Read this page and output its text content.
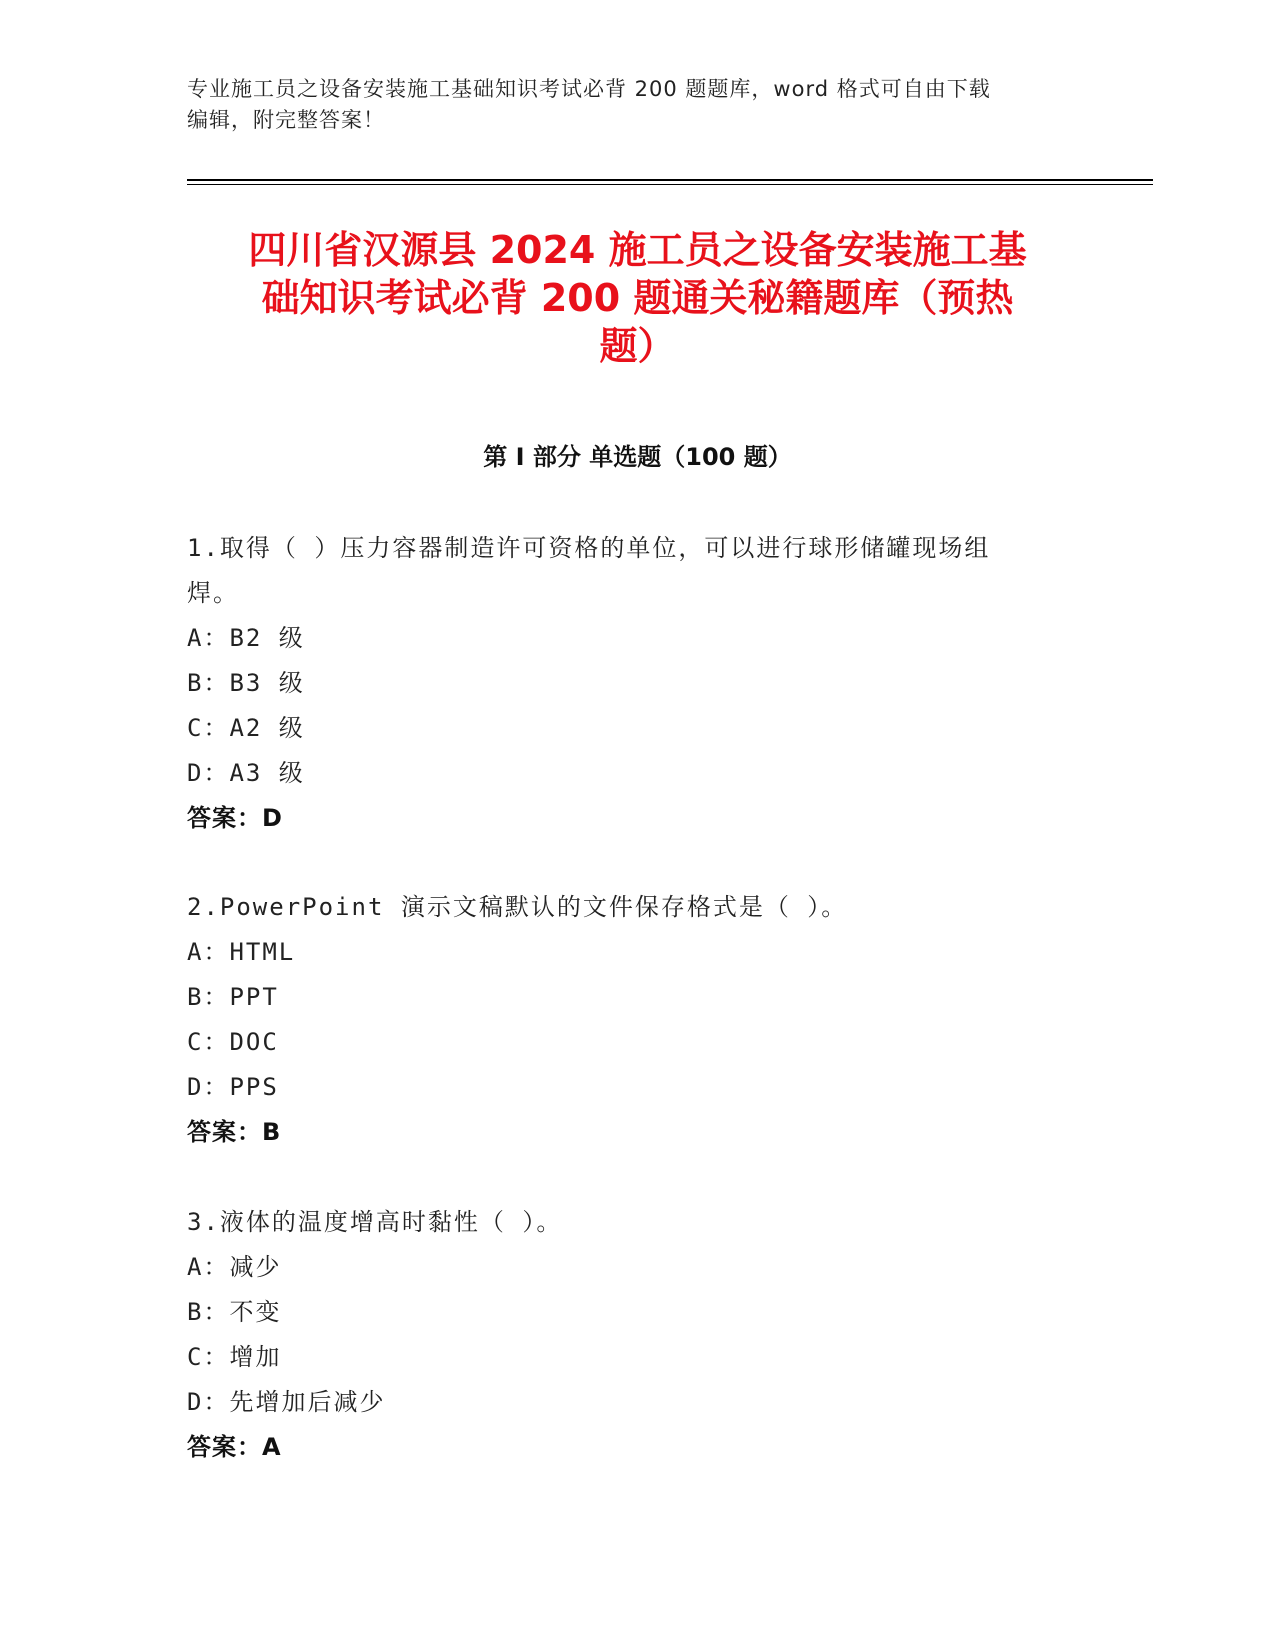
专业施工员之设备安装施工基础知识考试必背 200 题题库，word 格式可自由下载
编辑，附完整答案！
四川省汉源县 2024 施工员之设备安装施工基
础知识考试必背 200 题通关秘籍题库（预热
题）
第 I 部分 单选题（100 题）
1.取得（ ）压力容器制造许可资格的单位，可以进行球形储罐现场组
焊。
A：B2 级
B：B3 级
C：A2 级
D：A3 级
答案：D
2.PowerPoint 演示文稿默认的文件保存格式是（ ）。
A：HTML
B：PPT
C：DOC
D：PPS
答案：B
3.液体的温度增高时黏性（ ）。
A：减少
B：不变
C：增加
D：先增加后减少
答案：A
